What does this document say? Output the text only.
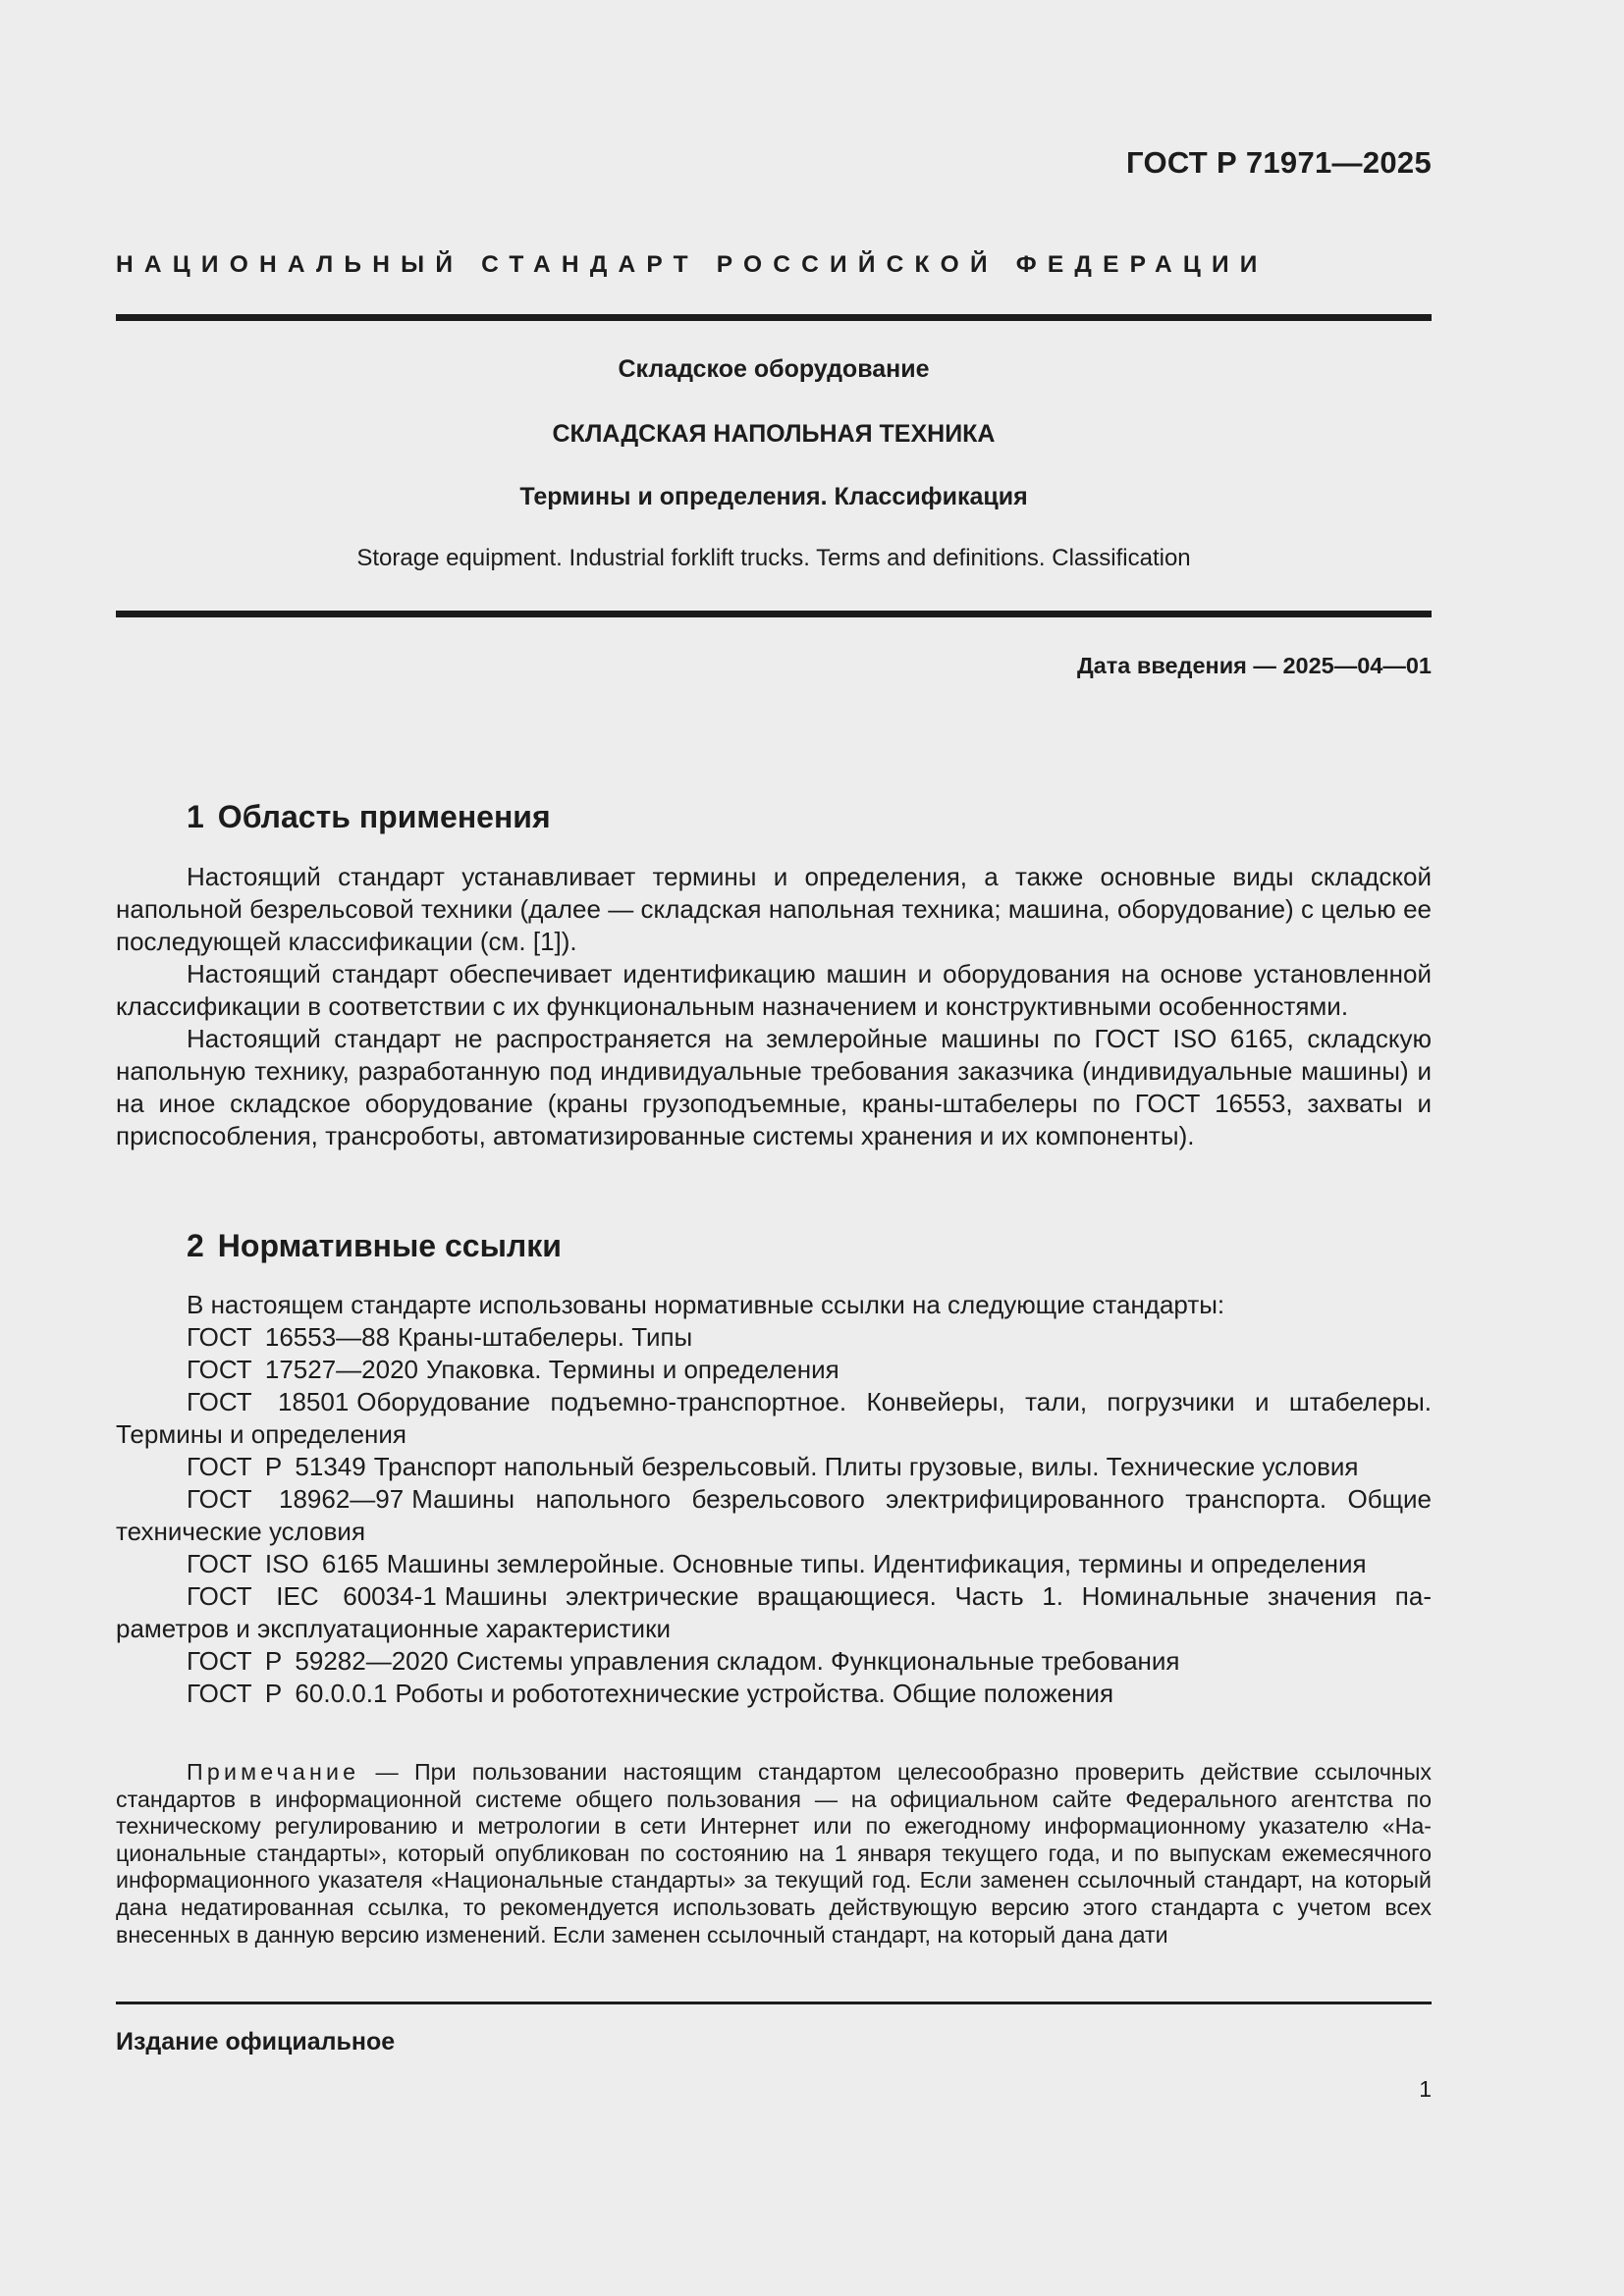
ГОСТ Р 71971—2025
НАЦИОНАЛЬНЫЙ СТАНДАРТ РОССИЙСКОЙ ФЕДЕРАЦИИ
Складское оборудование
СКЛАДСКАЯ НАПОЛЬНАЯ ТЕХНИКА
Термины и определения. Классификация
Storage equipment. Industrial forklift trucks. Terms and definitions. Classification
Дата введения — 2025—04—01
1 Область применения

Настоящий стандарт устанавливает термины и определения, а также основные виды складской напольной безрельсовой техники (далее — складская напольная техника; машина, оборудование) с целью ее последующей классификации (см. [1]).

Настоящий стандарт обеспечивает идентификацию машин и оборудования на основе установленной классификации в соответствии с их функциональным назначением и конструктивными особенностями.

Настоящий стандарт не распространяется на землеройные машины по ГОСТ ISO 6165, складскую напольную технику, разработанную под индивидуальные требования заказчика (индивидуальные машины) и на иное складское оборудование (краны грузоподъемные, краны-штабелеры по ГОСТ 16553, захваты и приспособления, трансроботы, автоматизированные системы хранения и их компоненты).

2 Нормативные ссылки

В настоящем стандарте использованы нормативные ссылки на следующие стандарты:

ГОСТ 16553—88 Краны-штабелеры. Типы

ГОСТ 17527—2020 Упаковка. Термины и определения

ГОСТ 18501 Оборудование подъемно-транспортное. Конвейеры, тали, погрузчики и штабелеры. Термины и определения

ГОСТ Р 51349 Транспорт напольный безрельсовый. Плиты грузовые, вилы. Технические условия

ГОСТ 18962—97 Машины напольного безрельсового электрифицированного транспорта. Общие технические условия

ГОСТ ISO 6165 Машины землеройные. Основные типы. Идентификация, термины и определения

ГОСТ IEC 60034-1 Машины электрические вращающиеся. Часть 1. Номинальные значения параметров и эксплуатационные характеристики

ГОСТ Р 59282—2020 Системы управления складом. Функциональные требования

ГОСТ Р 60.0.0.1 Роботы и робототехнические устройства. Общие положения

Примечание — При пользовании настоящим стандартом целесообразно проверить действие ссылочных стандартов в информационной системе общего пользования — на официальном сайте Федерального агентства по техническому регулированию и метрологии в сети Интернет или по ежегодному информационному указателю «Национальные стандарты», который опубликован по состоянию на 1 января текущего года, и по выпускам ежемесячного информационного указателя «Национальные стандарты» за текущий год. Если заменен ссылочный стандарт, на который дана недатированная ссылка, то рекомендуется использовать действующую версию этого стандарта с учетом всех внесенных в данную версию изменений. Если заменен ссылочный стандарт, на который дана дати

Издание официальное
1
